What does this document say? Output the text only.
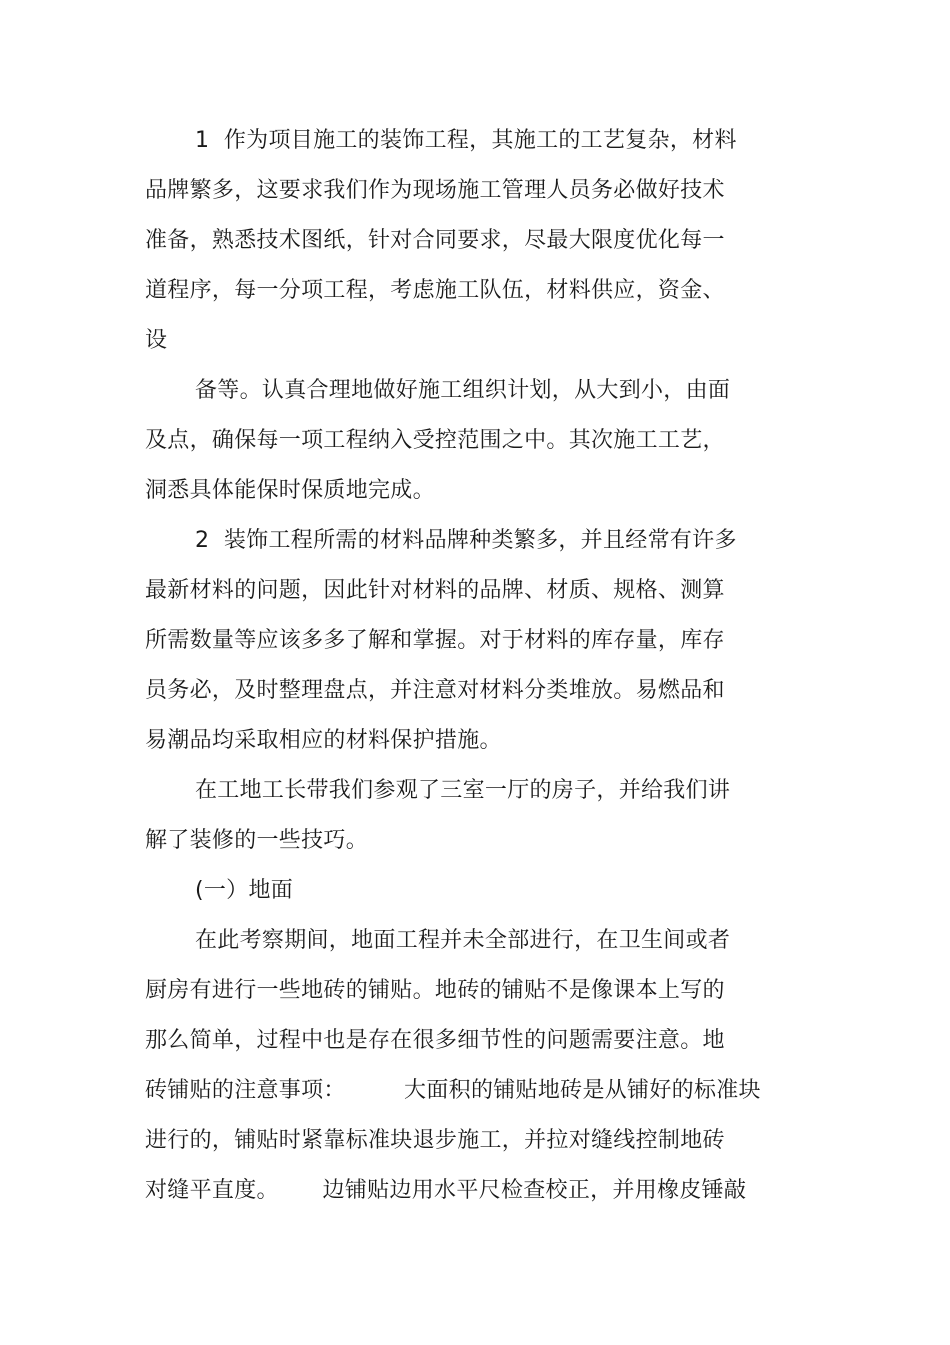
1  作为项目施工的装饰工程，其施工的工艺复杂，材料
品牌繁多，这要求我们作为现场施工管理人员务必做好技术
准备，熟悉技术图纸，针对合同要求，尽最大限度优化每一
道程序，每一分项工程，考虑施工队伍，材料供应，资金、
设
备等。认真合理地做好施工组织计划，从大到小，由面
及点，确保每一项工程纳入受控范围之中。其次施工工艺，
洞悉具体能保时保质地完成。
2  装饰工程所需的材料品牌种类繁多，并且经常有许多
最新材料的问题，因此针对材料的品牌、材质、规格、测算
所需数量等应该多多了解和掌握。对于材料的库存量，库存
员务必，及时整理盘点，并注意对材料分类堆放。易燃品和
易潮品均采取相应的材料保护措施。
在工地工长带我们参观了三室一厅的房子，并给我们讲
解了装修的一些技巧。
(一）地面
在此考察期间，地面工程并未全部进行，在卫生间或者
厨房有进行一些地砖的铺贴。地砖的铺贴不是像课本上写的
那么简单，过程中也是存在很多细节性的问题需要注意。地
砖铺贴的注意事项：        大面积的铺贴地砖是从铺好的标准块
进行的，铺贴时紧靠标准块退步施工，并拉对缝线控制地砖
对缝平直度。      边铺贴边用水平尺检查校正，并用橡皮锤敲
